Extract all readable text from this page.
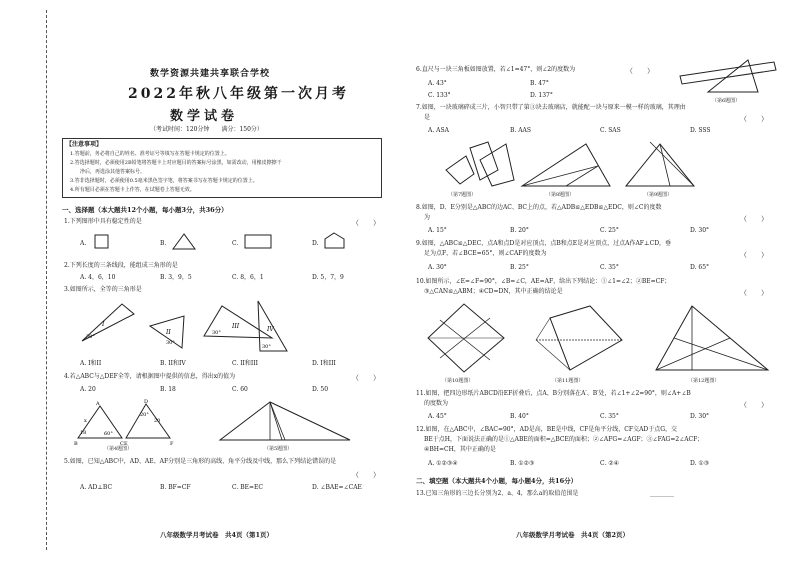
数学资源共建共享联合学校
2022年秋八年级第一次月考
数学试卷
（考试时间：120分钟　　满分：150分）
【注意事项】
1.答题前，务必将自己的姓名、准考证号等填写在答题卡规定的位置上。
2.答选择题时，必须使用2B铅笔将答题卡上对应题目的答案标号涂黑，如需改动，用橡皮擦擦干
净后，再选涂其他答案标号。
3.答非选择题时，必须使用0.5毫米黑色签字笔，将答案书写在答题卡规定的位置上。
4.所有题目必须在答题卡上作答，在试题卷上答题无效。
一、选择题（本大题共12个小题，每小题3分，共36分）
1.下列图形中具有稳定性的是	（　　）
A.	B.	C.	D.
2.下列长度的三条线段，能组成三角形的是
A. 4，6，10	B. 3，9，5	C. 8，6，1	D. 5，7，9
3.如图所示，全等的三角形是
I
II
III	IV
30°
30°
30°
30°
A. I和II	B. II和IV	C. II和III	D. I和III
4.若△ABC与△DEF全等，请根据图中提供的信息，得出x的值为	（　　）
A. 20	B. 18	C. 60	D. 50
A
B	C
D
E	F
x
18	60°
20
20°
（第4题图）	（第5题图）
5.如图，已知△ABC中，AD、AE、AF分别是三角形的高线、角平分线及中线，那么下列结论错误的是
（　　）
A. AD⊥BC	B. BF=CF	C. BE=EC	D. ∠BAE=∠CAE
八年级数学月考试卷　共4页（第1页）
6.直尺与一块三角板如图放置，若∠1=47°，则∠2的度数为	（　　）
（第6题图）
A. 43°	B. 47°
C. 133°	D. 137°
7.如图，一块玻璃碎成三片，小智只带了第③块去玻璃店，就能配一块与原来一模一样的玻璃，其理由
是	（　　）
A. ASA	B. AAS	C. SAS	D. SSS
（第7题图）	（第8题图）	（第9题图）
8.如图，D、E分别是△ABC的边AC、BC上的点，若△ADB≌△EDB≌△EDC，则∠C的度数
为	（　　）
A. 15°	B. 20°	C. 25°	D. 30°
9.如图，△ABC≌△DEC，点A和点D是对应顶点，点B和点E是对应顶点，过点A作AF⊥CD，垂
足为点F，若∠BCE=65°，则∠CAF的度数为	（　　）
A. 30°	B. 25°	C. 35°	D. 65°
10.如图所示，∠E=∠F=90°，∠B=∠C，AE=AF，给出下列结论：①∠1=∠2；②BE=CF；
③△CAN≌△ABM；④CD=DN，其中正确的结论是	（　　）
（第10题图）	（第11题图）	（第12题图）
11.如图，把四边形纸片ABCD沿EF折叠后，点A、B分别落在A′、B′处，若∠1+∠2=90°，则∠A+∠B
的度数为	（　　）
A. 45°	B. 40°	C. 35°	D. 30°
12.如图，在△ABC中，∠BAC=90°，AD是高，BE是中线，CF是角平分线，CF交AD于点G，交
BE于点H，下面说法正确的是①△ABE的面积=△BCE的面积；②∠AFG=∠AGF；③∠FAG=2∠ACF；
④BH=CH，其中正确的是
A. ①②③④	B. ①②③	C. ②④	D. ①③
二、填空题（本大题共4个小题，每小题4分，共16分）
13.已知三角形的三边长分别为2、a、4，那么a的取值范围是	________
八年级数学月考试卷　共4页（第2页）
